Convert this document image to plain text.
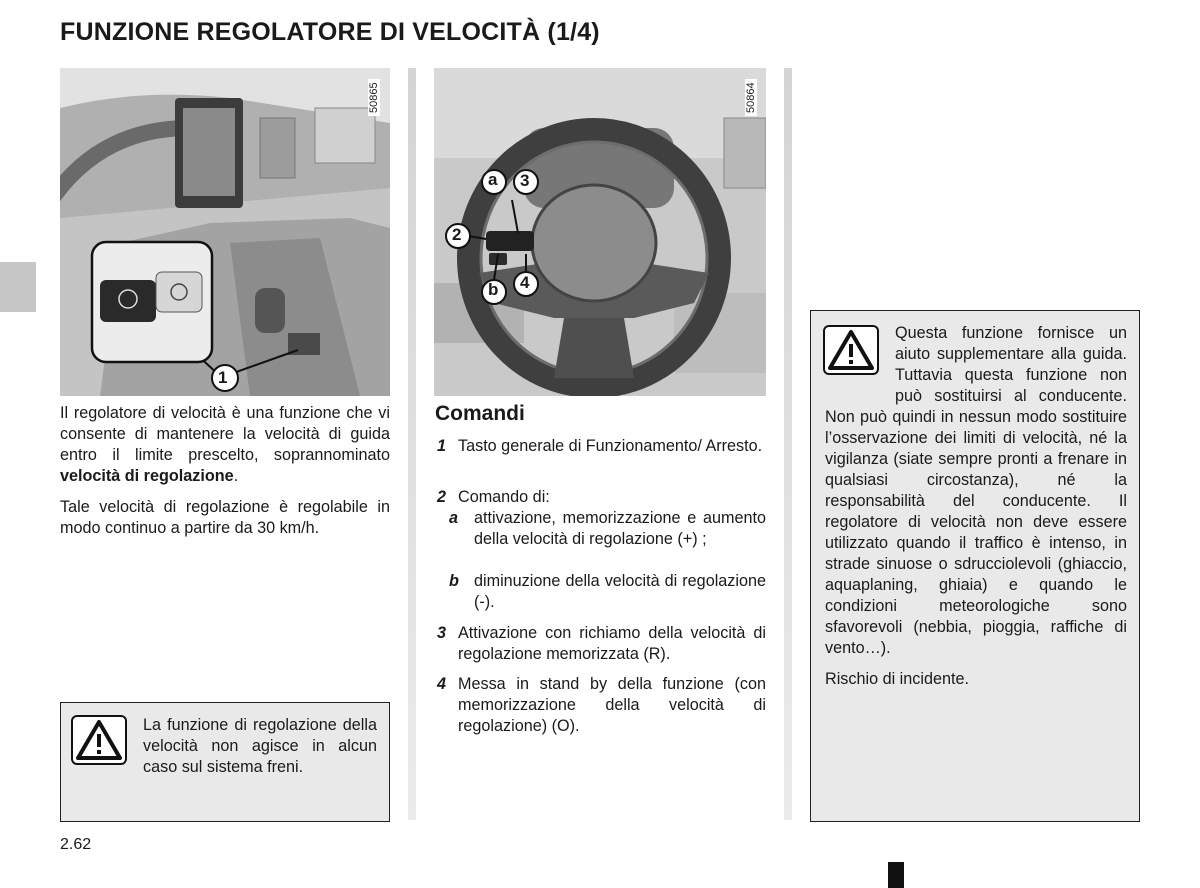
FUNZIONE REGOLATORE DI VELOCITÀ (1/4)
1
50865
a 3
2
b 4
50864

Il regolatore di velocità è una funzione che vi consente di mantenere la velocità di guida entro il limite prescelto, soprannominato velocità di regolazione.

Tale velocità di regolazione è regolabile in modo continuo a partire da 30 km/h.

La funzione di regolazione della velocità non agisce in alcun caso sul sistema freni.
Comandi
1 Tasto generale di Funzionamento/ Arresto.
2 Comando di:
a attivazione, memorizzazione e aumento della velocità di regolazione (+) ;
b diminuzione della velocità di regolazione (-).
3 Attivazione con richiamo della velocità di regolazione memorizzata (R).
4 Messa in stand by della funzione (con memorizzazione della velocità di regolazione) (O).

Questa funzione fornisce un aiuto supplementare alla guida. Tuttavia questa funzione non può sostituirsi al conducente. Non può quindi in nessun modo sostituire l’osservazione dei limiti di velocità, né la vigilanza (siate sempre pronti a frenare in qualsiasi circostanza), né la responsabilità del conducente. Il regolatore di velocità non deve essere utilizzato quando il traffico è intenso, in strade sinuose o sdrucciolevoli (ghiaccio, aquaplaning, ghiaia) e quando le condizioni meteorologiche sono sfavorevoli (nebbia, pioggia, raffiche di vento…).

Rischio di incidente.

2.62
